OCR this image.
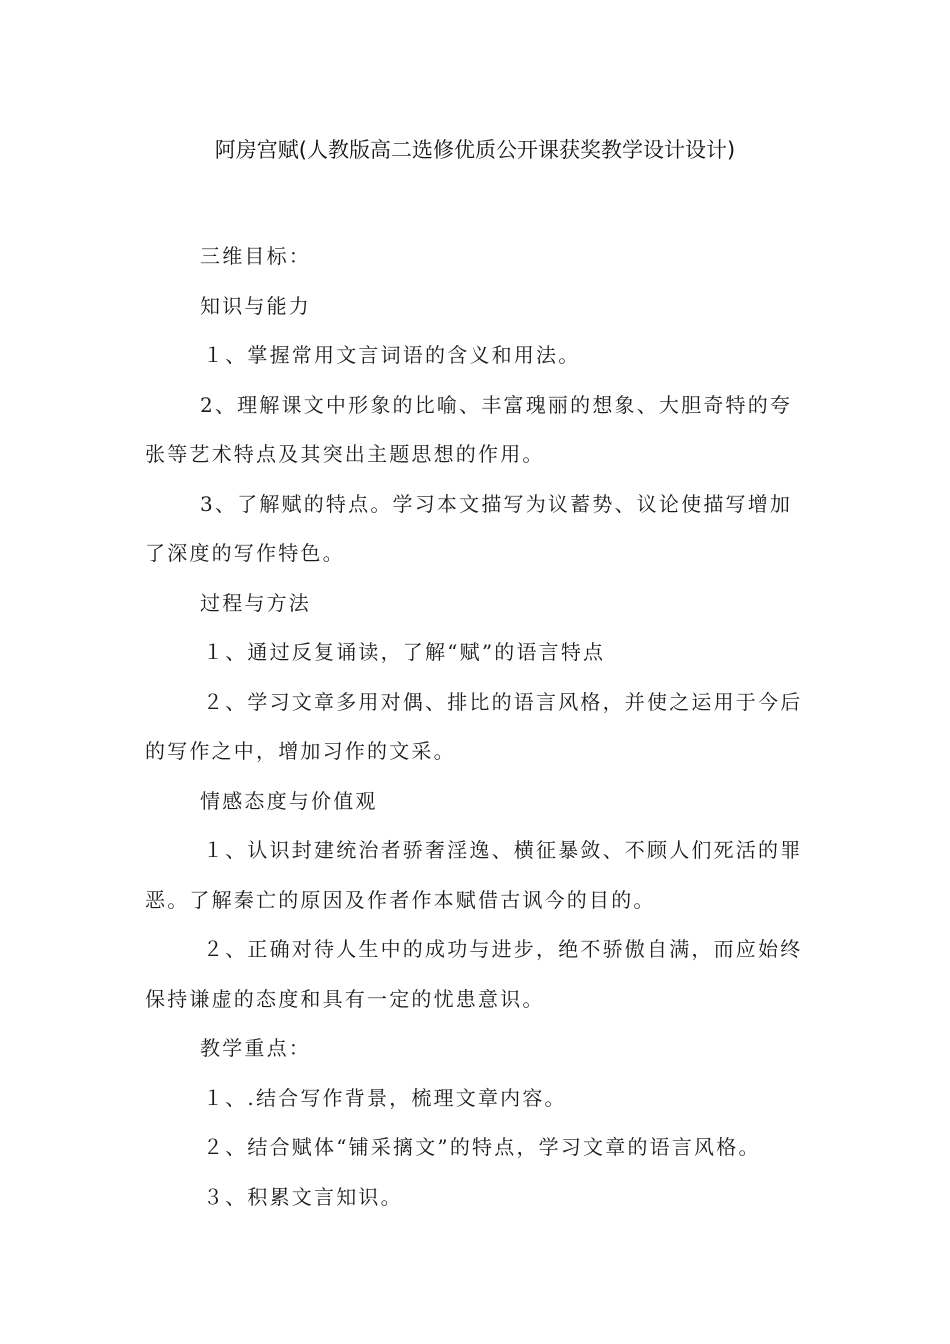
阿房宫赋(人教版高二选修优质公开课获奖教学设计设计)

三维目标：

知识与能力

１、掌握常用文言词语的含义和用法。

2、理解课文中形象的比喻、丰富瑰丽的想象、大胆奇特的夸张等艺术特点及其突出主题思想的作用。

3、了解赋的特点。学习本文描写为议蓄势、议论使描写增加了深度的写作特色。

过程与方法

１、通过反复诵读，了解“赋”的语言特点

２、学习文章多用对偶、排比的语言风格，并使之运用于今后的写作之中，增加习作的文采。

情感态度与价值观

１、认识封建统治者骄奢淫逸、横征暴敛、不顾人们死活的罪恶。了解秦亡的原因及作者作本赋借古讽今的目的。

２、正确对待人生中的成功与进步，绝不骄傲自满，而应始终保持谦虚的态度和具有一定的忧患意识。

教学重点：

１、.结合写作背景，梳理文章内容。

２、结合赋体“铺采摛文”的特点，学习文章的语言风格。

３、积累文言知识。
